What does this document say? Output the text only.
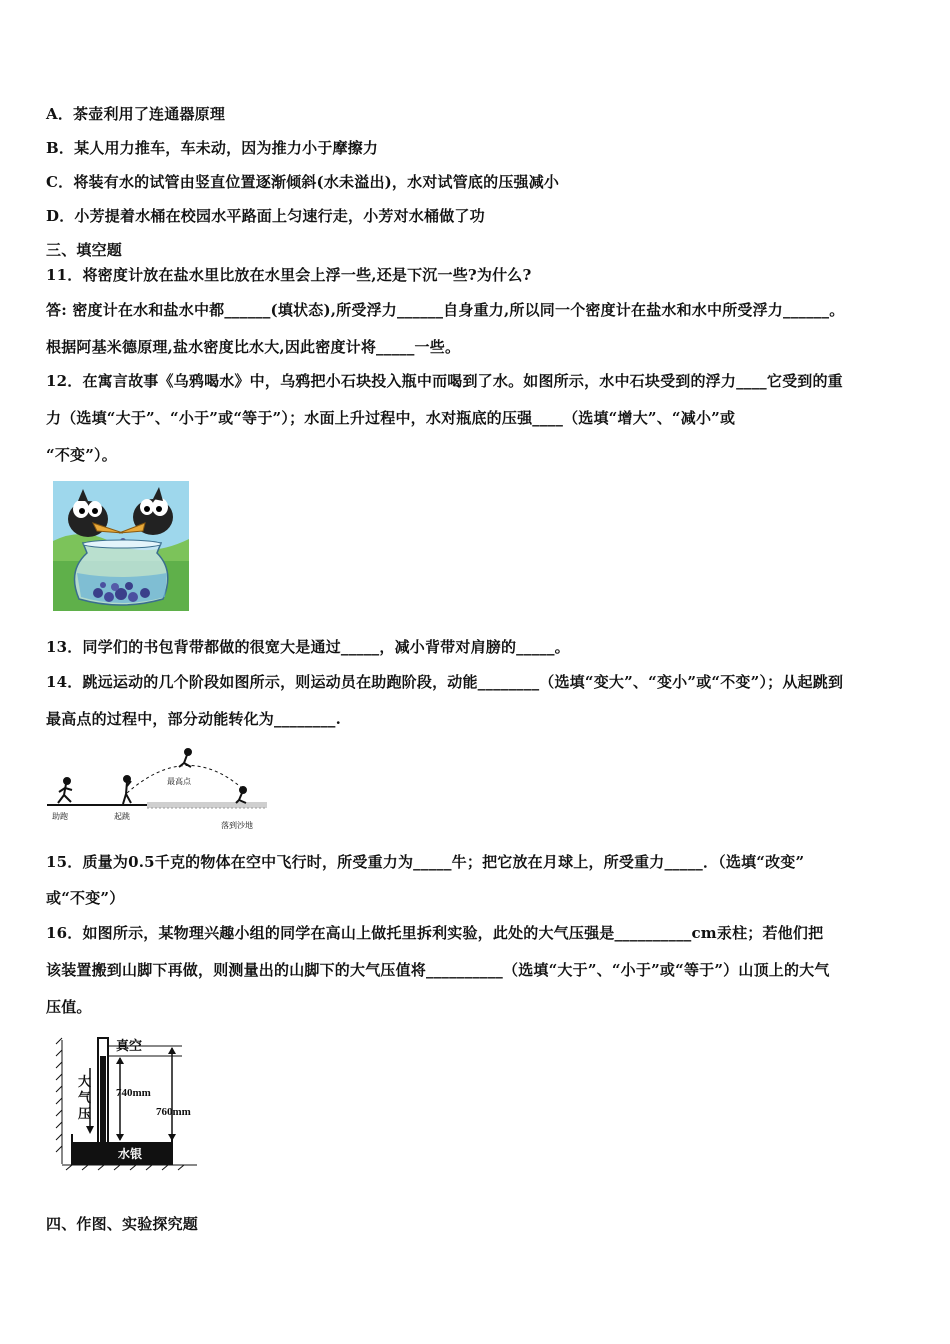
A．茶壶利用了连通器原理
B．某人用力推车，车未动，因为推力小于摩擦力
C．将装有水的试管由竖直位置逐渐倾斜(水未溢出)，水对试管底的压强减小
D．小芳提着水桶在校园水平路面上匀速行走，小芳对水桶做了功
三、填空题
11．将密度计放在盐水里比放在水里会上浮一些,还是下沉一些?为什么?
答: 密度计在水和盐水中都______(填状态),所受浮力______自身重力,所以同一个密度计在盐水和水中所受浮力______。
根据阿基米德原理,盐水密度比水大,因此密度计将_____一些。
12．在寓言故事《乌鸦喝水》中，乌鸦把小石块投入瓶中而喝到了水。如图所示，水中石块受到的浮力____它受到的重
力（选填“大于”、“小于”或“等于”）；水面上升过程中，水对瓶底的压强____（选填“增大”、“减小”或
“不变”）。
13．同学们的书包背带都做的很宽大是通过_____，减小背带对肩膀的_____。
14．跳远运动的几个阶段如图所示，则运动员在助跑阶段，动能________（选填“变大”、“变小”或“不变”）；从起跳到
最高点的过程中，部分动能转化为________.
助跑	起跳
最高点
落到沙地
15．质量为0.5千克的物体在空中飞行时，所受重力为_____牛；把它放在月球上，所受重力_____．（选填“改变”
或“不变”）
16．如图所示，某物理兴趣小组的同学在高山上做托里拆利实验，此处的大气压强是__________cm汞柱；若他们把
该装置搬到山脚下再做，则测量出的山脚下的大气压值将__________（选填“大于”、“小于”或“等于”）山顶上的大气
压值。
真空
740mm
760mm
大
气
压
水银
四、作图、实验探究题
